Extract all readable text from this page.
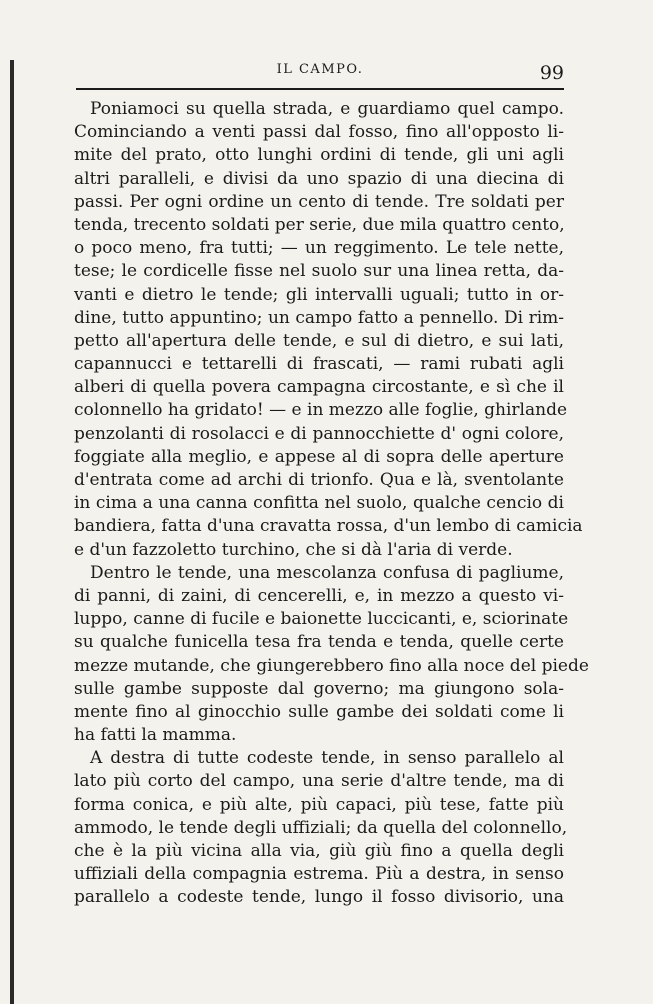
IL CAMPO.	99
Poniamoci su quella strada, e guardiamo quel campo.
Cominciando a venti passi dal fosso, fino all'opposto li-
mite del prato, otto lunghi ordini di tende, gli uni agli
altri paralleli, e divisi da uno spazio di una diecina di
passi. Per ogni ordine un cento di tende. Tre soldati per
tenda, trecento soldati per serie, due mila quattro cento,
o poco meno, fra tutti; — un reggimento. Le tele nette,
tese; le cordicelle fisse nel suolo sur una linea retta, da-
vanti e dietro le tende; gli intervalli uguali; tutto in or-
dine, tutto appuntino; un campo fatto a pennello. Di rim-
petto all'apertura delle tende, e sul di dietro, e sui lati,
capannucci e tettarelli di frascati, — rami rubati agli
alberi di quella povera campagna circostante, e sì che il
colonnello ha gridato! — e in mezzo alle foglie, ghirlande
penzolanti di rosolacci e di pannocchiette d' ogni colore,
foggiate alla meglio, e appese al di sopra delle aperture
d'entrata come ad archi di trionfo. Qua e là, sventolante
in cima a una canna confitta nel suolo, qualche cencio di
bandiera, fatta d'una cravatta rossa, d'un lembo di camicia
e d'un fazzoletto turchino, che si dà l'aria di verde.
Dentro le tende, una mescolanza confusa di pagliume,
di panni, di zaini, di cencerelli, e, in mezzo a questo vi-
luppo, canne di fucile e baionette luccicanti, e, sciorinate
su qualche funicella tesa fra tenda e tenda, quelle certe
mezze mutande, che giungerebbero fino alla noce del piede
sulle gambe supposte dal governo; ma giungono sola-
mente fino al ginocchio sulle gambe dei soldati come li
ha fatti la mamma.
A destra di tutte codeste tende, in senso parallelo al
lato più corto del campo, una serie d'altre tende, ma di
forma conica, e più alte, più capaci, più tese, fatte più
ammodo, le tende degli uffiziali; da quella del colonnello,
che è la più vicina alla via, giù giù fino a quella degli
uffiziali della compagnia estrema. Più a destra, in senso
parallelo a codeste tende, lungo il fosso divisorio, una
